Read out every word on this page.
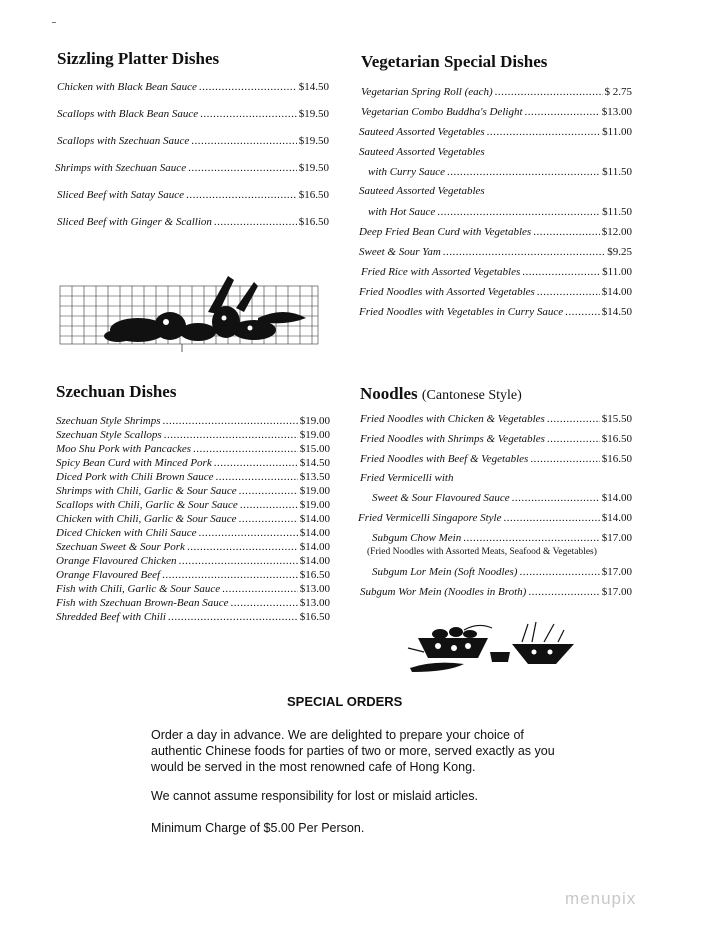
Sizzling Platter Dishes
Chicken with Black Bean Sauce .....	$14.50
Scallops with Black Bean Sauce .....	$19.50
Scallops with Szechuan Sauce .....	$19.50
Shrimps with Szechuan Sauce .....	$19.50
Sliced Beef with Satay Sauce .....	$16.50
Sliced Beef with Ginger & Scallion .....	$16.50
Vegetarian Special Dishes
Vegetarian Spring Roll (each) .....	$ 2.75
Vegetarian Combo Buddha's Delight .....	$13.00
Sauteed Assorted Vegetables .....	$11.00
Sauteed Assorted Vegetables
with Curry Sauce .....	$11.50
Sauteed Assorted Vegetables
with Hot Sauce .....	$11.50
Deep Fried Bean Curd with Vegetables .....	$12.00
Sweet & Sour Yam .....	$9.25
Fried Rice with Assorted Vegetables .....	$11.00
Fried Noodles with Assorted Vegetables .....	$14.00
Fried Noodles with Vegetables in Curry Sauce .....	$14.50
Szechuan Dishes
Szechuan Style Shrimps .....	$19.00
Szechuan Style Scallops .....	$19.00
Moo Shu Pork with Pancackes .....	$15.00
Spicy Bean Curd with Minced Pork .....	$14.50
Diced Pork with Chili Brown Sauce .....	$13.50
Shrimps with Chili, Garlic & Sour Sauce .....	$19.00
Scallops with Chili, Garlic & Sour Sauce .....	$19.00
Chicken with Chili, Garlic & Sour Sauce .....	$14.00
Diced Chicken with Chili Sauce .....	$14.00
Szechuan Sweet & Sour Pork .....	$14.00
Orange Flavoured Chicken .....	$14.00
Orange Flavoured Beef .....	$16.50
Fish with Chili, Garlic & Sour Sauce .....	$13.00
Fish with Szechuan Brown-Bean Sauce .....	$13.00
Shredded Beef with Chili .....	$16.50
Noodles (Cantonese Style)
Fried Noodles with Chicken & Vegetables .....	$15.50
Fried Noodles with Shrimps & Vegetables .....	$16.50
Fried Noodles with Beef & Vegetables .....	$16.50
Fried Vermicelli with
Sweet & Sour Flavoured Sauce .....	$14.00
Fried Vermicelli Singapore Style .....	$14.00
Subgum Chow Mein .....	$17.00
(Fried Noodles with Assorted Meats, Seafood & Vegetables)
Subgum Lor Mein (Soft Noodles) .....	$17.00
Subgum Wor Mein (Noodles in Broth) .....	$17.00
SPECIAL ORDERS

Order a day in advance. We are delighted to prepare your choice of authentic Chinese foods for parties of two or more, served exactly as you would be served in the most renowned cafe of Hong Kong.

We cannot assume responsibility for lost or mislaid articles.

Minimum Charge of $5.00 Per Person.

menupix
